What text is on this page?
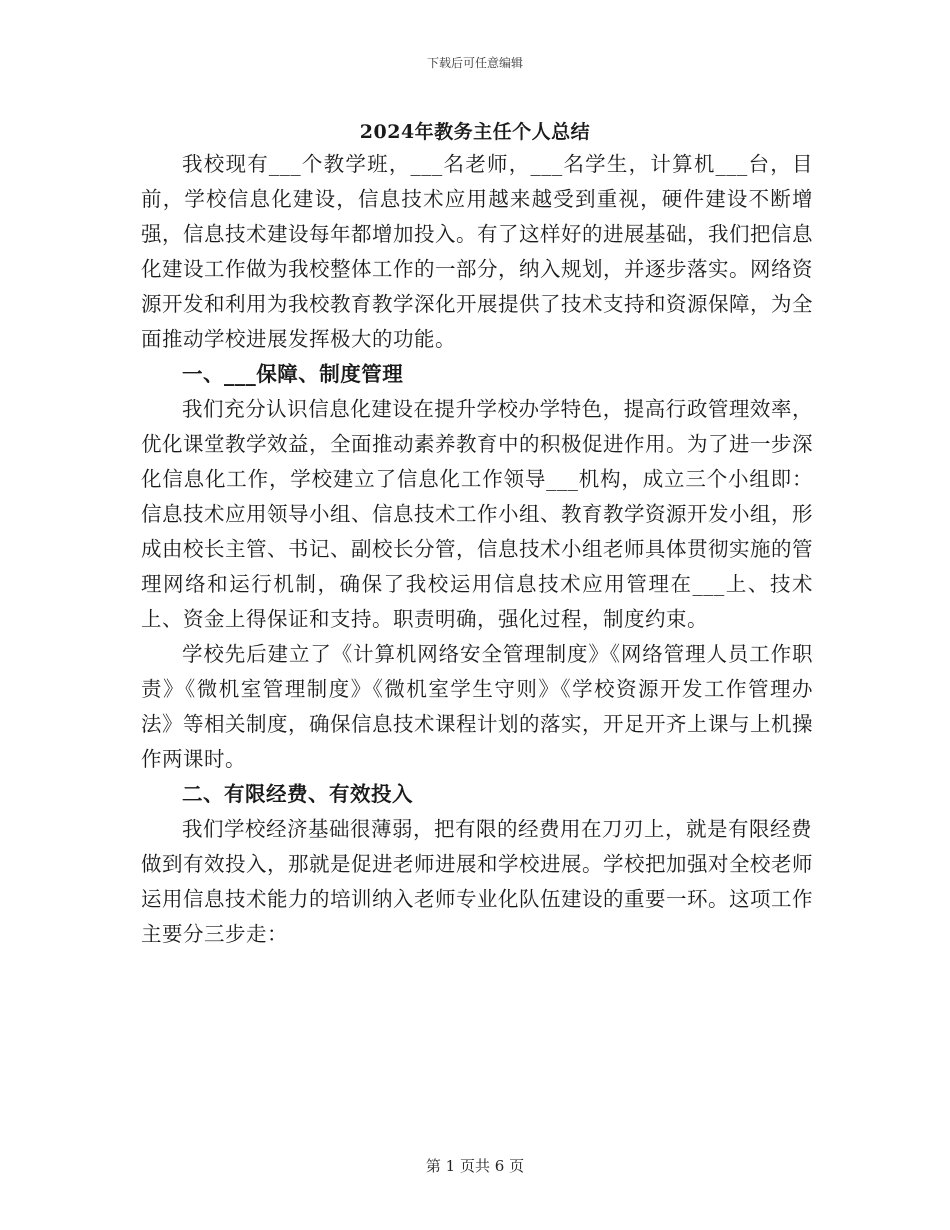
下载后可任意编辑
2024年教务主任个人总结

我校现有___个教学班，___名老师，___名学生，计算机___台，目前，学校信息化建设，信息技术应用越来越受到重视，硬件建设不断增强，信息技术建设每年都增加投入。有了这样好的进展基础，我们把信息化建设工作做为我校整体工作的一部分，纳入规划，并逐步落实。网络资源开发和利用为我校教育教学深化开展提供了技术支持和资源保障，为全面推动学校进展发挥极大的功能。

一、___保障、制度管理

我们充分认识信息化建设在提升学校办学特色，提高行政管理效率，优化课堂教学效益，全面推动素养教育中的积极促进作用。为了进一步深化信息化工作，学校建立了信息化工作领导___机构，成立三个小组即：信息技术应用领导小组、信息技术工作小组、教育教学资源开发小组，形成由校长主管、书记、副校长分管，信息技术小组老师具体贯彻实施的管理网络和运行机制，确保了我校运用信息技术应用管理在___上、技术上、资金上得保证和支持。职责明确，强化过程，制度约束。

学校先后建立了《计算机网络安全管理制度》《网络管理人员工作职责》《微机室管理制度》《微机室学生守则》《学校资源开发工作管理办法》等相关制度，确保信息技术课程计划的落实，开足开齐上课与上机操作两课时。

二、有限经费、有效投入

我们学校经济基础很薄弱，把有限的经费用在刀刃上，就是有限经费做到有效投入，那就是促进老师进展和学校进展。学校把加强对全校老师运用信息技术能力的培训纳入老师专业化队伍建设的重要一环。这项工作主要分三步走：

第 1 页共 6 页
